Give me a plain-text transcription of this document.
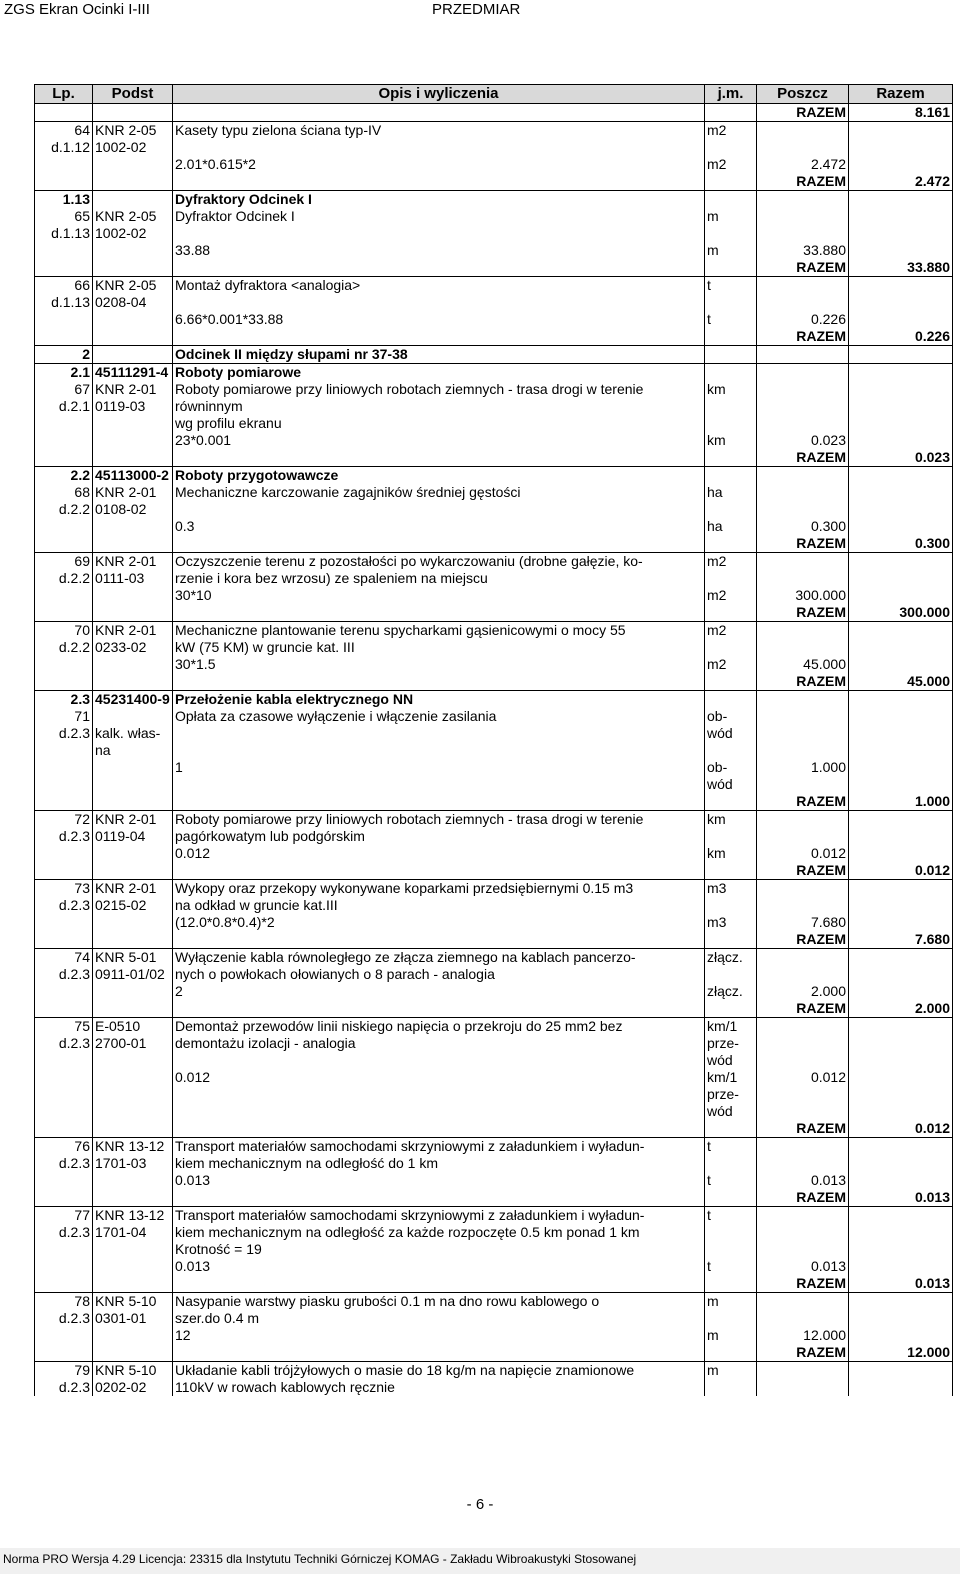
ZGS Ekran Ocinki I-III	PRZEDMIAR
Lp.	Podst	Opis i wyliczenia	j.m.	Poszcz	Razem
				RAZEM	8.161
64	KNR 2-05	Kasety typu zielona ściana typ-IV	m2		
d.1.12	1002-02				
		2.01*0.615*2	m2	2.472	
				RAZEM	2.472
1.13		Dyfraktory Odcinek I			
65	KNR 2-05	Dyfraktor Odcinek I	m		
d.1.13	1002-02				
		33.88	m	33.880	
				RAZEM	33.880
66	KNR 2-05	Montaż dyfraktora <analogia>	t		
d.1.13	0208-04				
		6.66*0.001*33.88	t	0.226	
				RAZEM	0.226
2		Odcinek II między słupami nr 37-38			
2.1	45111291-4	Roboty pomiarowe			
67	KNR 2-01	Roboty pomiarowe przy liniowych robotach ziemnych - trasa drogi w terenie	km		
d.2.1	0119-03	równinnym			
		wg profilu ekranu			
		23*0.001	km	0.023	
				RAZEM	0.023
2.2	45113000-2	Roboty przygotowawcze			
68	KNR 2-01	Mechaniczne karczowanie zagajników średniej gęstości	ha		
d.2.2	0108-02				
		0.3	ha	0.300	
				RAZEM	0.300
69	KNR 2-01	Oczyszczenie terenu z pozostałości po wykarczowaniu (drobne gałęzie, ko-	m2		
d.2.2	0111-03	rzenie i kora bez wrzosu) ze spaleniem na miejscu			
		30*10	m2	300.000	
				RAZEM	300.000
70	KNR 2-01	Mechaniczne plantowanie terenu spycharkami gąsienicowymi o mocy 55	m2		
d.2.2	0233-02	kW (75 KM) w gruncie kat. III			
		30*1.5	m2	45.000	
				RAZEM	45.000
2.3	45231400-9	Przełożenie kabla elektrycznego NN			
71		Opłata za czasowe wyłączenie i włączenie zasilania	ob-		
d.2.3	kalk. włas-		wód		
	na				
		1	ob-	1.000	
			wód		
				RAZEM	1.000
72	KNR 2-01	Roboty pomiarowe przy liniowych robotach ziemnych - trasa drogi w terenie	km		
d.2.3	0119-04	pagórkowatym lub podgórskim			
		0.012	km	0.012	
				RAZEM	0.012
73	KNR 2-01	Wykopy oraz przekopy wykonywane koparkami przedsiębiernymi 0.15 m3	m3		
d.2.3	0215-02	na odkład w gruncie kat.III			
		(12.0*0.8*0.4)*2	m3	7.680	
				RAZEM	7.680
74	KNR 5-01	Wyłączenie kabla równoległego ze złącza ziemnego na kablach pancerzo-	złącz.		
d.2.3	0911-01/02	nych o powłokach ołowianych o 8 parach - analogia			
		2	złącz.	2.000	
				RAZEM	2.000
75	E-0510	Demontaż przewodów linii niskiego napięcia o przekroju do 25 mm2 bez	km/1		
d.2.3	2700-01	demontażu izolacji - analogia	prze-		
			wód		
		0.012	km/1	0.012	
			prze-		
			wód		
				RAZEM	0.012
76	KNR 13-12	Transport materiałów samochodami skrzyniowymi z załadunkiem i wyładun-	t		
d.2.3	1701-03	kiem mechanicznym na odległość do 1 km			
		0.013	t	0.013	
				RAZEM	0.013
77	KNR 13-12	Transport materiałów samochodami skrzyniowymi z załadunkiem i wyładun-	t		
d.2.3	1701-04	kiem mechanicznym na odległość za każde rozpoczęte 0.5 km ponad 1 km			
		Krotność = 19			
		0.013	t	0.013	
				RAZEM	0.013
78	KNR 5-10	Nasypanie warstwy piasku grubości 0.1 m na dno rowu kablowego o	m		
d.2.3	0301-01	szer.do 0.4 m			
		12	m	12.000	
				RAZEM	12.000
79	KNR 5-10	Układanie kabli trójżyłowych o masie do 18 kg/m na napięcie znamionowe	m		
d.2.3	0202-02	110kV w rowach kablowych ręcznie			
- 6 -
Norma PRO Wersja 4.29 Licencja: 23315 dla Instytutu Techniki Górniczej KOMAG - Zakładu Wibroakustyki Stosowanej
